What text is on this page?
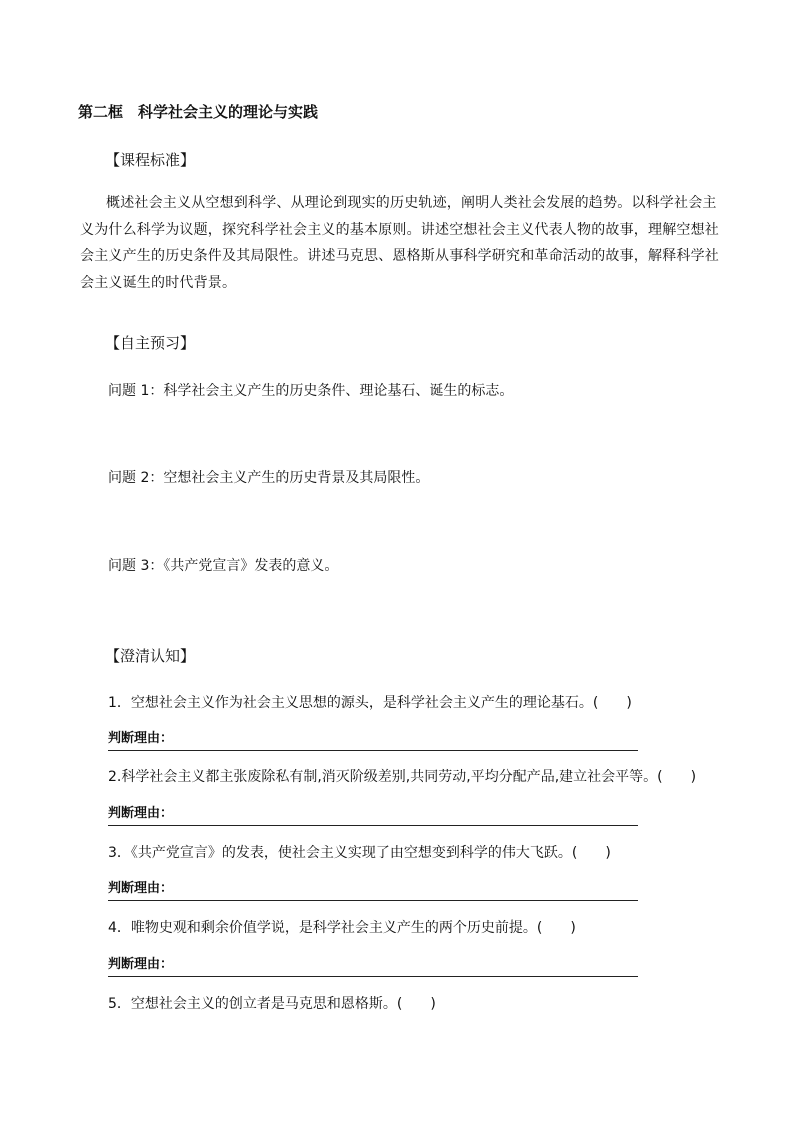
第二框　科学社会主义的理论与实践
【课程标准】
概述社会主义从空想到科学、从理论到现实的历史轨迹，阐明人类社会发展的趋势。以科学社会主义为什么科学为议题，探究科学社会主义的基本原则。讲述空想社会主义代表人物的故事，理解空想社会主义产生的历史条件及其局限性。讲述马克思、恩格斯从事科学研究和革命活动的故事，解释科学社会主义诞生的时代背景。
【自主预习】
问题 1：科学社会主义产生的历史条件、理论基石、诞生的标志。
问题 2：空想社会主义产生的历史背景及其局限性。
问题 3：《共产党宣言》发表的意义。
【澄清认知】
1．空想社会主义作为社会主义思想的源头，是科学社会主义产生的理论基石。(　　)
判断理由：
2.科学社会主义都主张废除私有制,消灭阶级差别,共同劳动,平均分配产品,建立社会平等。(　　)
判断理由：
3．《共产党宣言》的发表，使社会主义实现了由空想变到科学的伟大飞跃。(　　)
判断理由：
4．唯物史观和剩余价值学说，是科学社会主义产生的两个历史前提。(　　)
判断理由：
5．空想社会主义的创立者是马克思和恩格斯。(　　)
